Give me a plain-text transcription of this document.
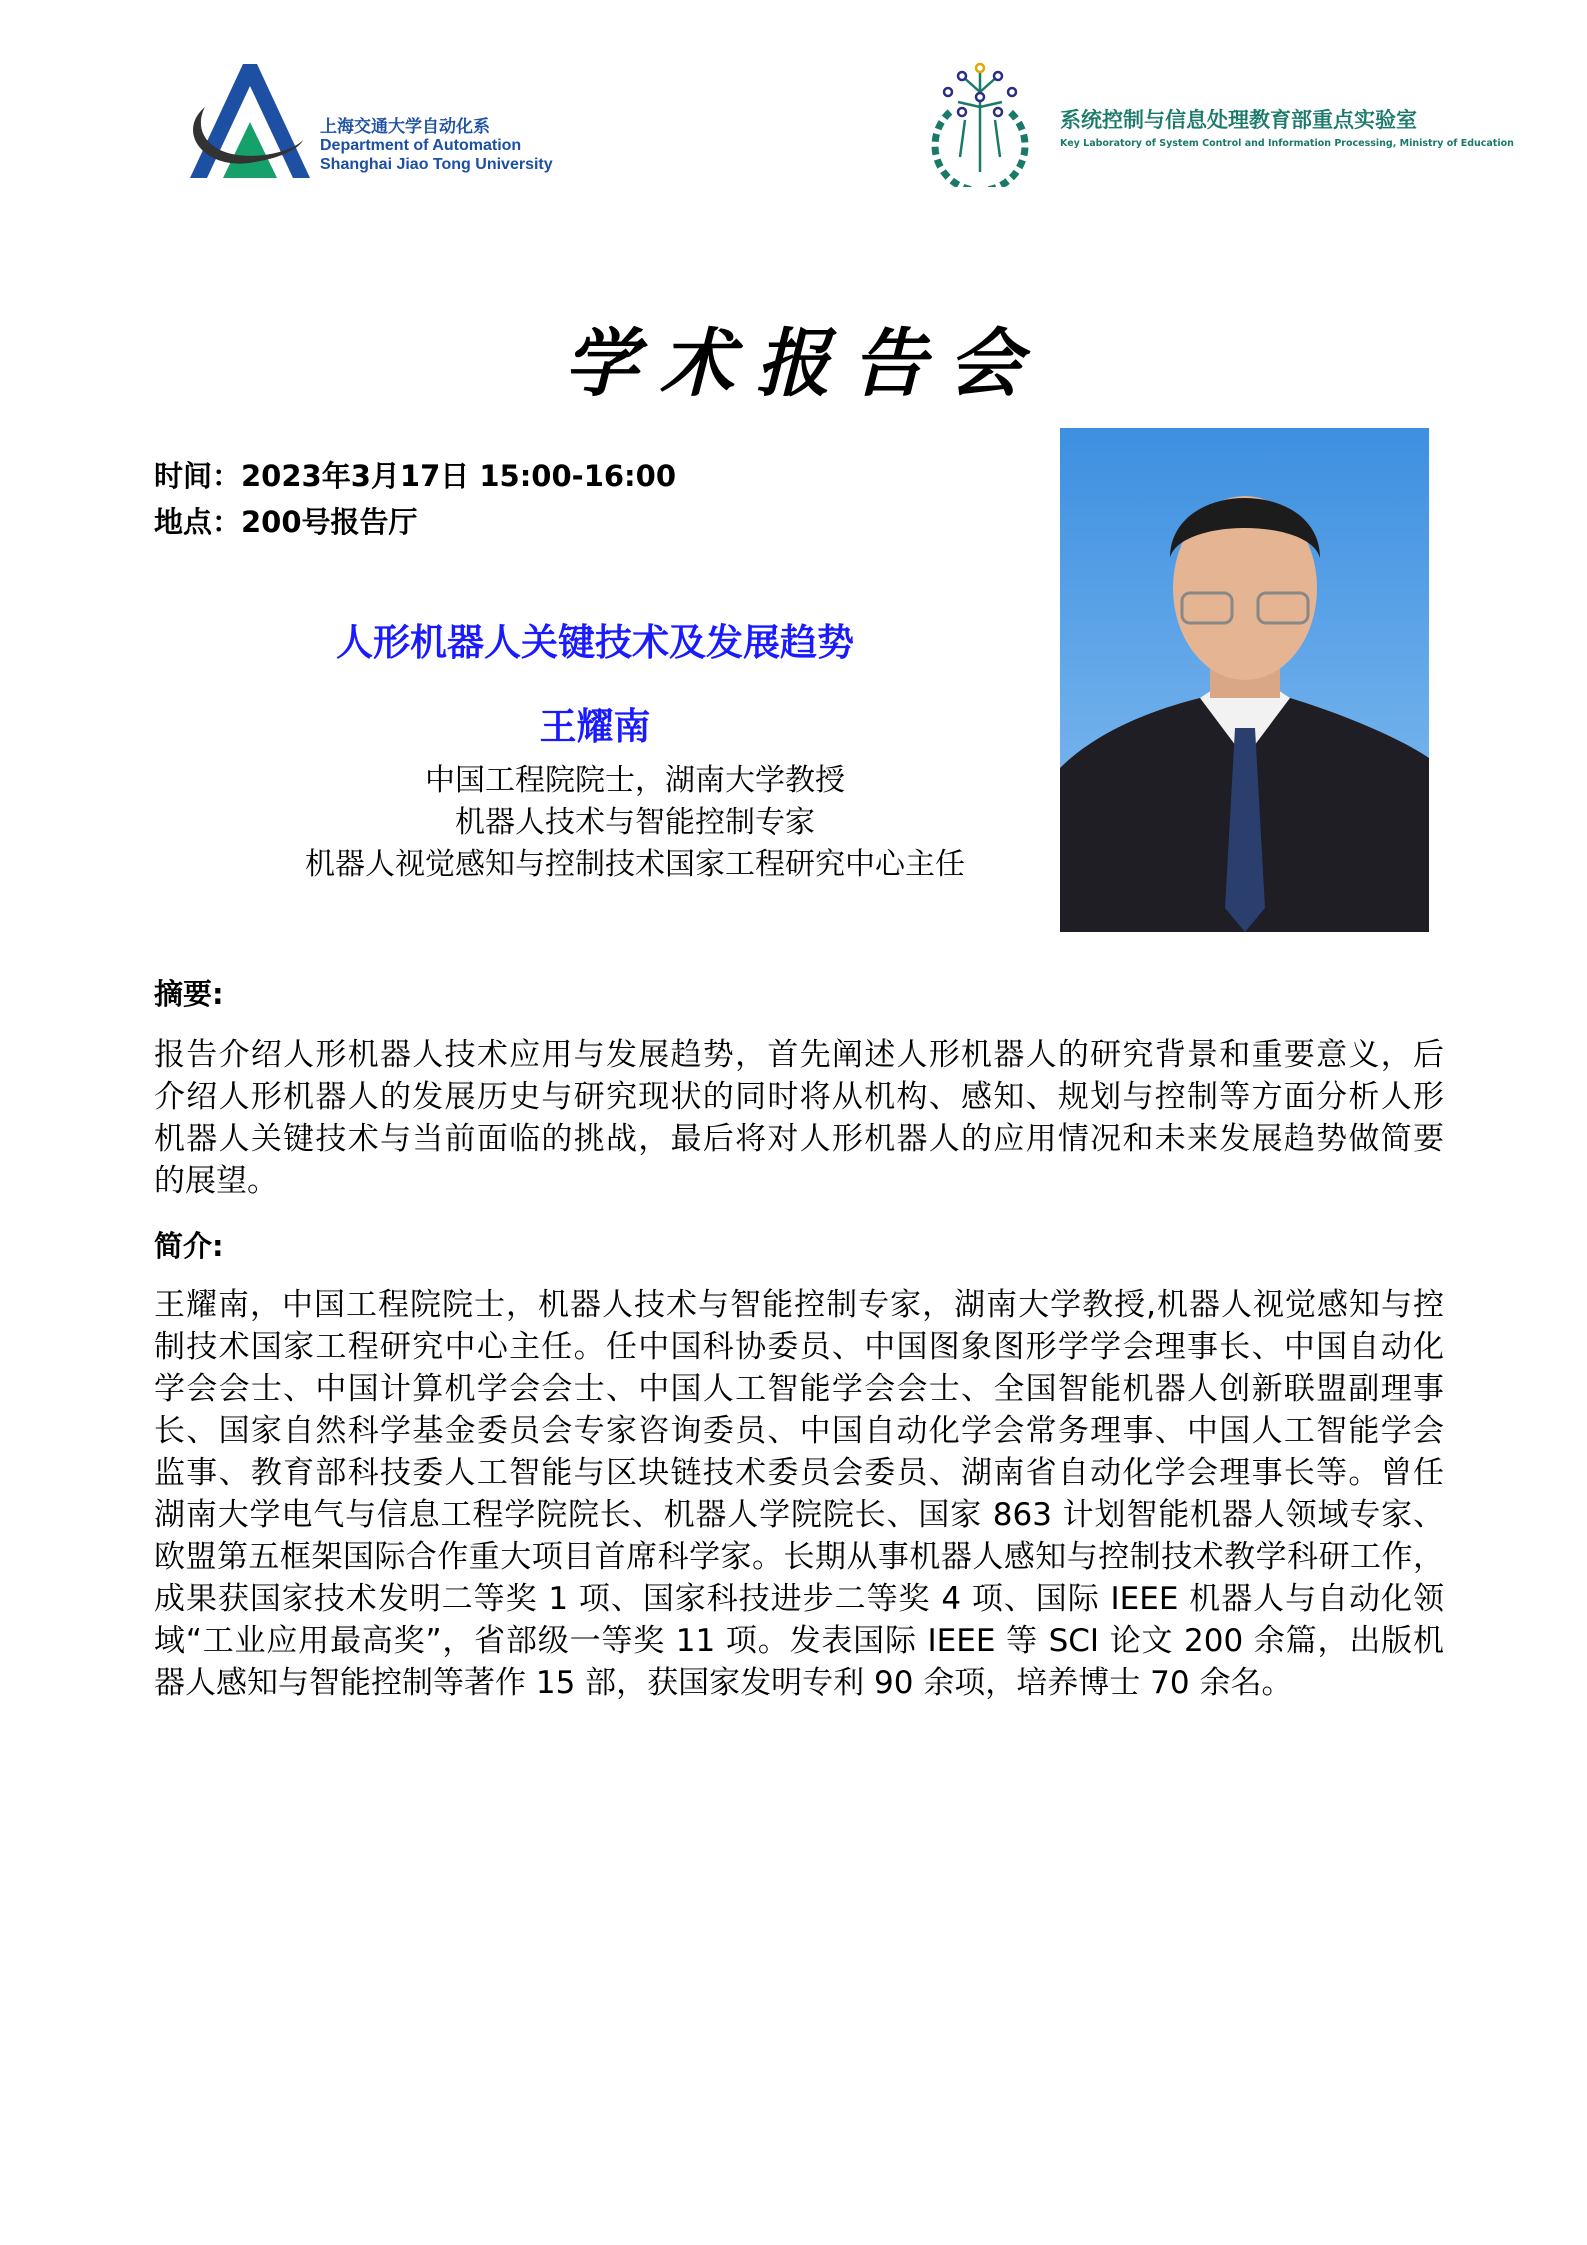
上海交通大学自动化系
Department of Automation
Shanghai Jiao Tong University
系统控制与信息处理教育部重点实验室
Key Laboratory of System Control and Information Processing, Ministry of Education
学术报告会
时间：2023年3月17日 15:00-16:00
地点：200号报告厅
人形机器人关键技术及发展趋势
王耀南
中国工程院院士，湖南大学教授
机器人技术与智能控制专家
机器人视觉感知与控制技术国家工程研究中心主任
摘要:
报告介绍人形机器人技术应用与发展趋势，首先阐述人形机器人的研究背景和重要意义，后
介绍人形机器人的发展历史与研究现状的同时将从机构、感知、规划与控制等方面分析人形
机器人关键技术与当前面临的挑战，最后将对人形机器人的应用情况和未来发展趋势做简要
的展望。
简介:
王耀南，中国工程院院士，机器人技术与智能控制专家，湖南大学教授,机器人视觉感知与控
制技术国家工程研究中心主任。任中国科协委员、中国图象图形学学会理事长、中国自动化
学会会士、中国计算机学会会士、中国人工智能学会会士、全国智能机器人创新联盟副理事
长、国家自然科学基金委员会专家咨询委员、中国自动化学会常务理事、中国人工智能学会
监事、教育部科技委人工智能与区块链技术委员会委员、湖南省自动化学会理事长等。曾任
湖南大学电气与信息工程学院院长、机器人学院院长、国家 863 计划智能机器人领域专家、
欧盟第五框架国际合作重大项目首席科学家。长期从事机器人感知与控制技术教学科研工作，
成果获国家技术发明二等奖 1 项、国家科技进步二等奖 4 项、国际 IEEE 机器人与自动化领
域“工业应用最高奖”，省部级一等奖 11 项。发表国际 IEEE 等 SCI 论文 200 余篇，出版机
器人感知与智能控制等著作 15 部，获国家发明专利 90 余项，培养博士 70 余名。
